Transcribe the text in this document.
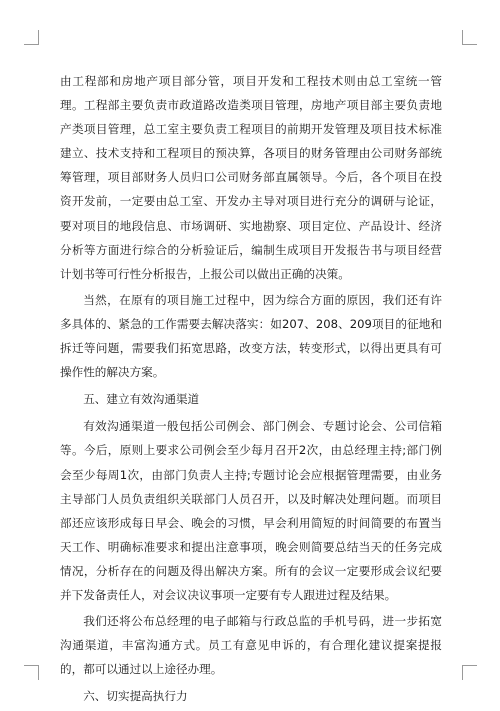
由工程部和房地产项目部分管，项目开发和工程技术则由总工室统一管理。工程部主要负责市政道路改造类项目管理，房地产项目部主要负责地产类项目管理，总工室主要负责工程项目的前期开发管理及项目技术标准建立、技术支持和工程项目的预决算，各项目的财务管理由公司财务部统筹管理，项目部财务人员归口公司财务部直属领导。今后，各个项目在投资开发前，一定要由总工室、开发办主导对项目进行充分的调研与论证，要对项目的地段信息、市场调研、实地勘察、项目定位、产品设计、经济分析等方面进行综合的分析验证后，编制生成项目开发报告书与项目经营计划书等可行性分析报告，上报公司以做出正确的决策。

当然，在原有的项目施工过程中，因为综合方面的原因，我们还有许多具体的、紧急的工作需要去解决落实：如207、208、209项目的征地和拆迁等问题，需要我们拓宽思路，改变方法，转变形式，以得出更具有可操作性的解决方案。

五、建立有效沟通渠道

有效沟通渠道一般包括公司例会、部门例会、专题讨论会、公司信箱等。今后，原则上要求公司例会至少每月召开2次，由总经理主持;部门例会至少每周1次，由部门负责人主持;专题讨论会应根据管理需要，由业务主导部门人员负责组织关联部门人员召开，以及时解决处理问题。而项目部还应该形成每日早会、晚会的习惯，早会利用简短的时间简要的布置当天工作、明确标准要求和提出注意事项，晚会则简要总结当天的任务完成情况，分析存在的问题及得出解决方案。所有的会议一定要形成会议纪要并下发备责任人，对会议决议事项一定要有专人跟进过程及结果。

我们还将公布总经理的电子邮箱与行政总监的手机号码，进一步拓宽沟通渠道，丰富沟通方式。员工有意见申诉的，有合理化建议提案提报的，都可以通过以上途径办理。

六、切实提高执行力
